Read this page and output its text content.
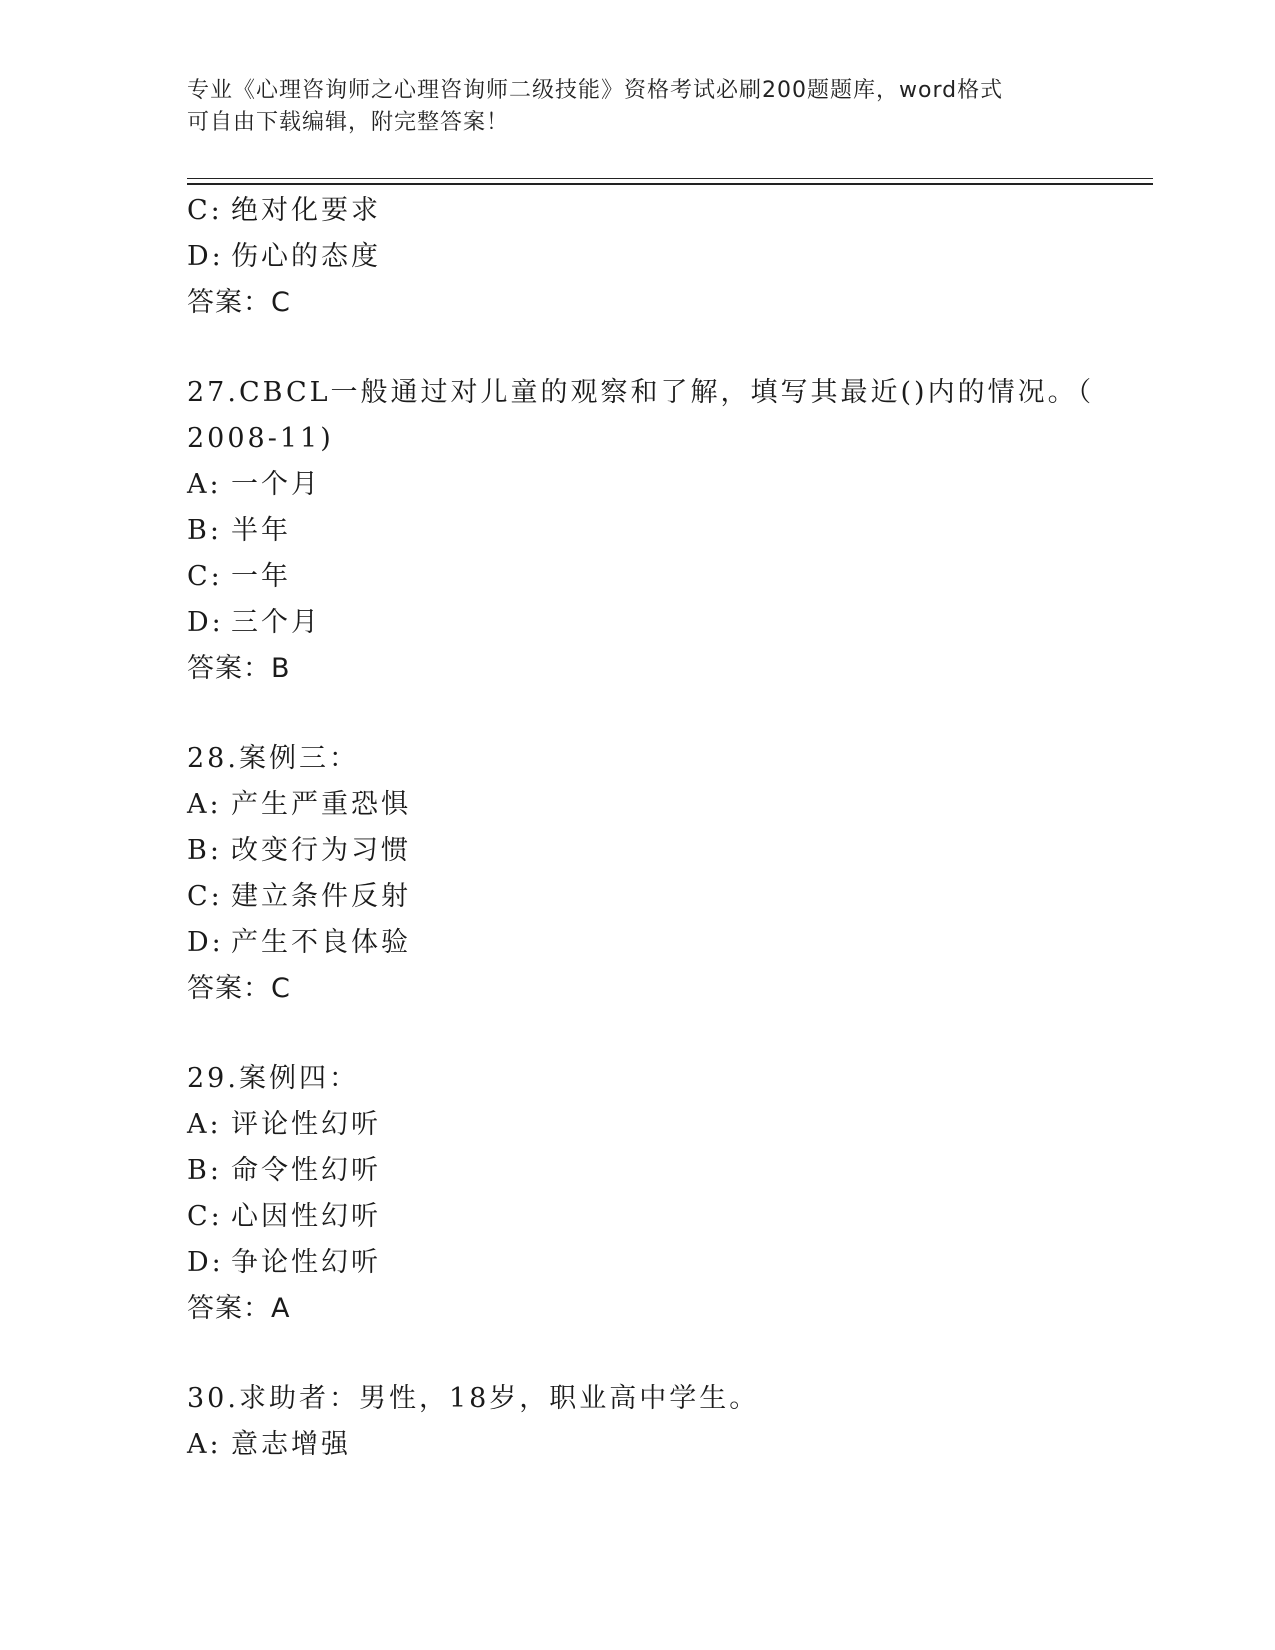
专业《心理咨询师之心理咨询师二级技能》资格考试必刷200题题库，word格式
可自由下载编辑，附完整答案！
C: 绝对化要求
D: 伤心的态度
答案：C
27.CBCL一般通过对儿童的观察和了解，填写其最近()内的情况。（
2008-11)
A: 一个月
B: 半年
C: 一年
D: 三个月
答案：B
28.案例三：
A: 产生严重恐惧
B: 改变行为习惯
C: 建立条件反射
D: 产生不良体验
答案：C
29.案例四：
A: 评论性幻听
B: 命令性幻听
C: 心因性幻听
D: 争论性幻听
答案：A
30.求助者：男性，18岁，职业高中学生。
A: 意志增强
